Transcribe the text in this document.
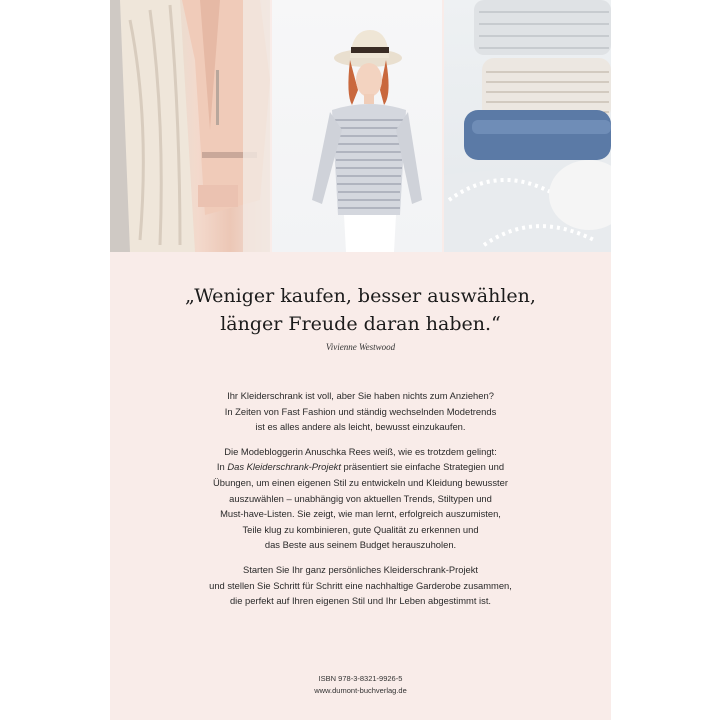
„Weniger kaufen, besser auswählen,
länger Freude daran haben.“
Vivienne Westwood

Ihr Kleiderschrank ist voll, aber Sie haben nichts zum Anziehen?
In Zeiten von Fast Fashion und ständig wechselnden Modetrends
ist es alles andere als leicht, bewusst einzukaufen.

Die Modebloggerin Anuschka Rees weiß, wie es trotzdem gelingt:
In Das Kleiderschrank-Projekt präsentiert sie einfache Strategien und
Übungen, um einen eigenen Stil zu entwickeln und Kleidung bewusster
auszuwählen – unabhängig von aktuellen Trends, Stiltypen und
Must-have-Listen. Sie zeigt, wie man lernt, erfolgreich auszumisten,
Teile klug zu kombinieren, gute Qualität zu erkennen und
das Beste aus seinem Budget herauszuholen.

Starten Sie Ihr ganz persönliches Kleiderschrank-Projekt
und stellen Sie Schritt für Schritt eine nachhaltige Garderobe zusammen,
die perfekt auf Ihren eigenen Stil und Ihr Leben abgestimmt ist.

ISBN 978-3-8321-9926-5
www.dumont-buchverlag.de
